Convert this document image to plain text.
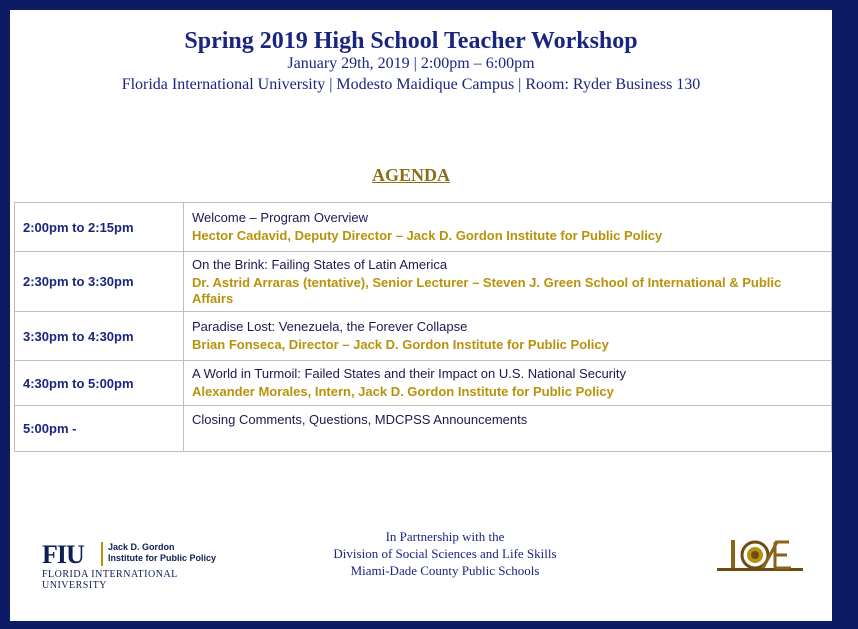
Spring 2019 High School Teacher Workshop
January 29th, 2019 | 2:00pm – 6:00pm
Florida International University | Modesto Maidique Campus | Room: Ryder Business 130
AGENDA
2:00pm to 2:15pm	Welcome – Program Overview
Hector Cadavid, Deputy Director – Jack D. Gordon Institute for Public Policy

2:30pm to 3:30pm	On the Brink: Failing States of Latin America
Dr. Astrid Arraras (tentative), Senior Lecturer – Steven J. Green School of International & Public Affairs

3:30pm to 4:30pm	Paradise Lost: Venezuela, the Forever Collapse
Brian Fonseca, Director – Jack D. Gordon Institute for Public Policy

4:30pm to 5:00pm	A World in Turmoil: Failed States and their Impact on U.S. National Security
Alexander Morales, Intern, Jack D. Gordon Institute for Public Policy

5:00pm -	Closing Comments, Questions, MDCPSS Announcements
FIU	Jack D. Gordon
Institute for Public Policy
FLORIDA INTERNATIONAL UNIVERSITY
In Partnership with the
Division of Social Sciences and Life Skills
Miami-Dade County Public Schools
